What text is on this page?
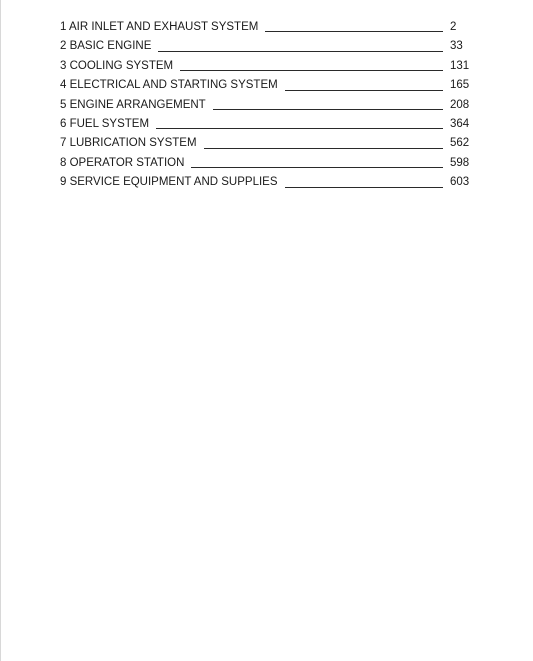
1 AIR INLET AND EXHAUST SYSTEM	2
2 BASIC ENGINE	33
3 COOLING SYSTEM	131
4 ELECTRICAL AND STARTING SYSTEM	165
5 ENGINE ARRANGEMENT	208
6 FUEL SYSTEM	364
7 LUBRICATION SYSTEM	562
8 OPERATOR STATION	598
9 SERVICE EQUIPMENT AND SUPPLIES	603
